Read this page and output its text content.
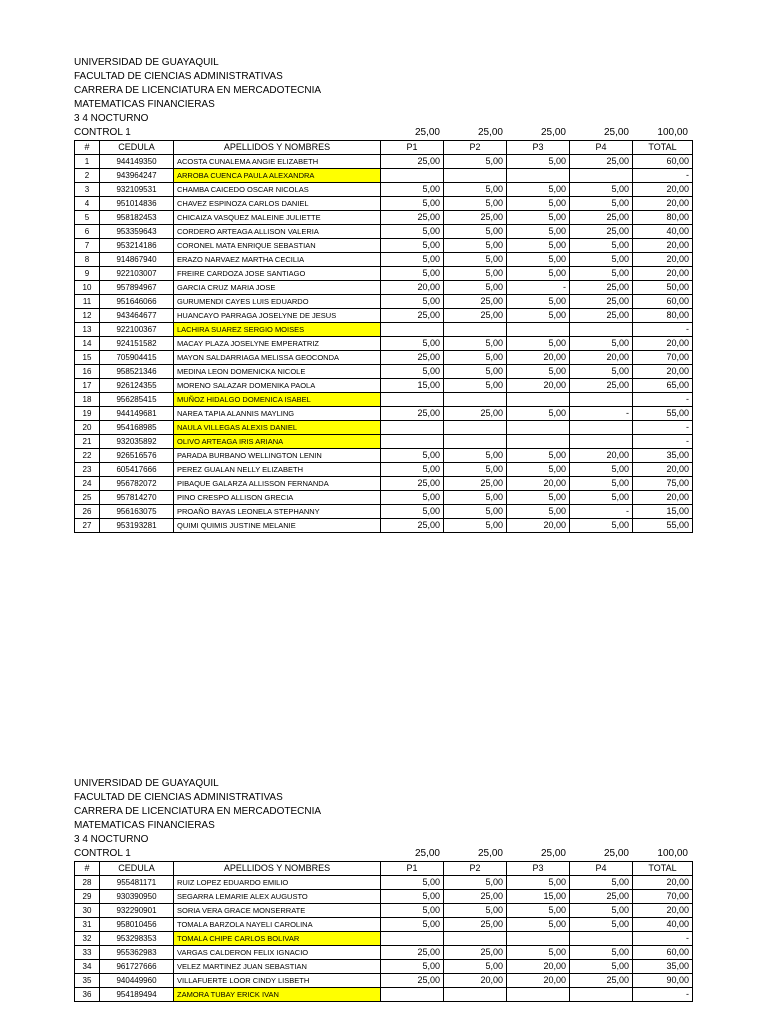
UNIVERSIDAD DE GUAYAQUIL
FACULTAD DE CIENCIAS ADMINISTRATIVAS
CARRERA DE LICENCIATURA EN MERCADOTECNIA
MATEMATICAS FINANCIERAS
3 4 NOCTURNO
CONTROL 1	25,00	25,00	25,00	25,00	100,00
#	CEDULA	APELLIDOS Y NOMBRES	P1	P2	P3	P4	TOTAL
1	944149350	ACOSTA CUNALEMA ANGIE ELIZABETH	25,00	5,00	5,00	25,00	60,00
2	943964247	ARROBA CUENCA PAULA ALEXANDRA					-
3	932109531	CHAMBA CAICEDO OSCAR NICOLAS	5,00	5,00	5,00	5,00	20,00
4	951014836	CHAVEZ ESPINOZA CARLOS DANIEL	5,00	5,00	5,00	5,00	20,00
5	958182453	CHICAIZA VASQUEZ MALEINE JULIETTE	25,00	25,00	5,00	25,00	80,00
6	953359643	CORDERO ARTEAGA ALLISON VALERIA	5,00	5,00	5,00	25,00	40,00
7	953214186	CORONEL MATA ENRIQUE SEBASTIAN	5,00	5,00	5,00	5,00	20,00
8	914867940	ERAZO NARVAEZ MARTHA CECILIA	5,00	5,00	5,00	5,00	20,00
9	922103007	FREIRE CARDOZA JOSE SANTIAGO	5,00	5,00	5,00	5,00	20,00
10	957894967	GARCIA CRUZ MARIA JOSE	20,00	5,00	-	25,00	50,00
11	951646066	GURUMENDI CAYES LUIS EDUARDO	5,00	25,00	5,00	25,00	60,00
12	943464677	HUANCAYO PARRAGA JOSELYNE DE JESUS	25,00	25,00	5,00	25,00	80,00
13	922100367	LACHIRA SUAREZ SERGIO MOISES					-
14	924151582	MACAY PLAZA JOSELYNE EMPERATRIZ	5,00	5,00	5,00	5,00	20,00
15	705904415	MAYON SALDARRIAGA MELISSA GEOCONDA	25,00	5,00	20,00	20,00	70,00
16	958521346	MEDINA LEON DOMENICKA NICOLE	5,00	5,00	5,00	5,00	20,00
17	926124355	MORENO SALAZAR DOMENIKA PAOLA	15,00	5,00	20,00	25,00	65,00
18	956285415	MUÑOZ HIDALGO DOMENICA ISABEL					-
19	944149681	NAREA TAPIA ALANNIS MAYLING	25,00	25,00	5,00	-	55,00
20	954168985	NAULA VILLEGAS ALEXIS DANIEL					-
21	932035892	OLIVO ARTEAGA IRIS ARIANA					-
22	926516576	PARADA BURBANO WELLINGTON LENIN	5,00	5,00	5,00	20,00	35,00
23	605417666	PEREZ GUALAN NELLY ELIZABETH	5,00	5,00	5,00	5,00	20,00
24	956782072	PIBAQUE GALARZA ALLISSON FERNANDA	25,00	25,00	20,00	5,00	75,00
25	957814270	PINO CRESPO ALLISON GRECIA	5,00	5,00	5,00	5,00	20,00
26	956163075	PROAÑO BAYAS LEONELA STEPHANNY	5,00	5,00	5,00	-	15,00
27	953193281	QUIMI QUIMIS JUSTINE MELANIE	25,00	5,00	20,00	5,00	55,00
UNIVERSIDAD DE GUAYAQUIL
FACULTAD DE CIENCIAS ADMINISTRATIVAS
CARRERA DE LICENCIATURA EN MERCADOTECNIA
MATEMATICAS FINANCIERAS
3 4 NOCTURNO
CONTROL 1	25,00	25,00	25,00	25,00	100,00
#	CEDULA	APELLIDOS Y NOMBRES	P1	P2	P3	P4	TOTAL
28	955481171	RUIZ LOPEZ EDUARDO EMILIO	5,00	5,00	5,00	5,00	20,00
29	930390950	SEGARRA LEMARIE ALEX AUGUSTO	5,00	25,00	15,00	25,00	70,00
30	932290901	SORIA VERA GRACE MONSERRATE	5,00	5,00	5,00	5,00	20,00
31	958010456	TOMALA BARZOLA NAYELI CAROLINA	5,00	25,00	5,00	5,00	40,00
32	953298353	TOMALA CHIPE CARLOS BOLIVAR					-
33	955362983	VARGAS CALDERON FELIX IGNACIO	25,00	25,00	5,00	5,00	60,00
34	961727666	VELEZ MARTINEZ JUAN SEBASTIAN	5,00	5,00	20,00	5,00	35,00
35	940449960	VILLAFUERTE LOOR CINDY LISBETH	25,00	20,00	20,00	25,00	90,00
36	954189494	ZAMORA TUBAY ERICK IVAN					-
